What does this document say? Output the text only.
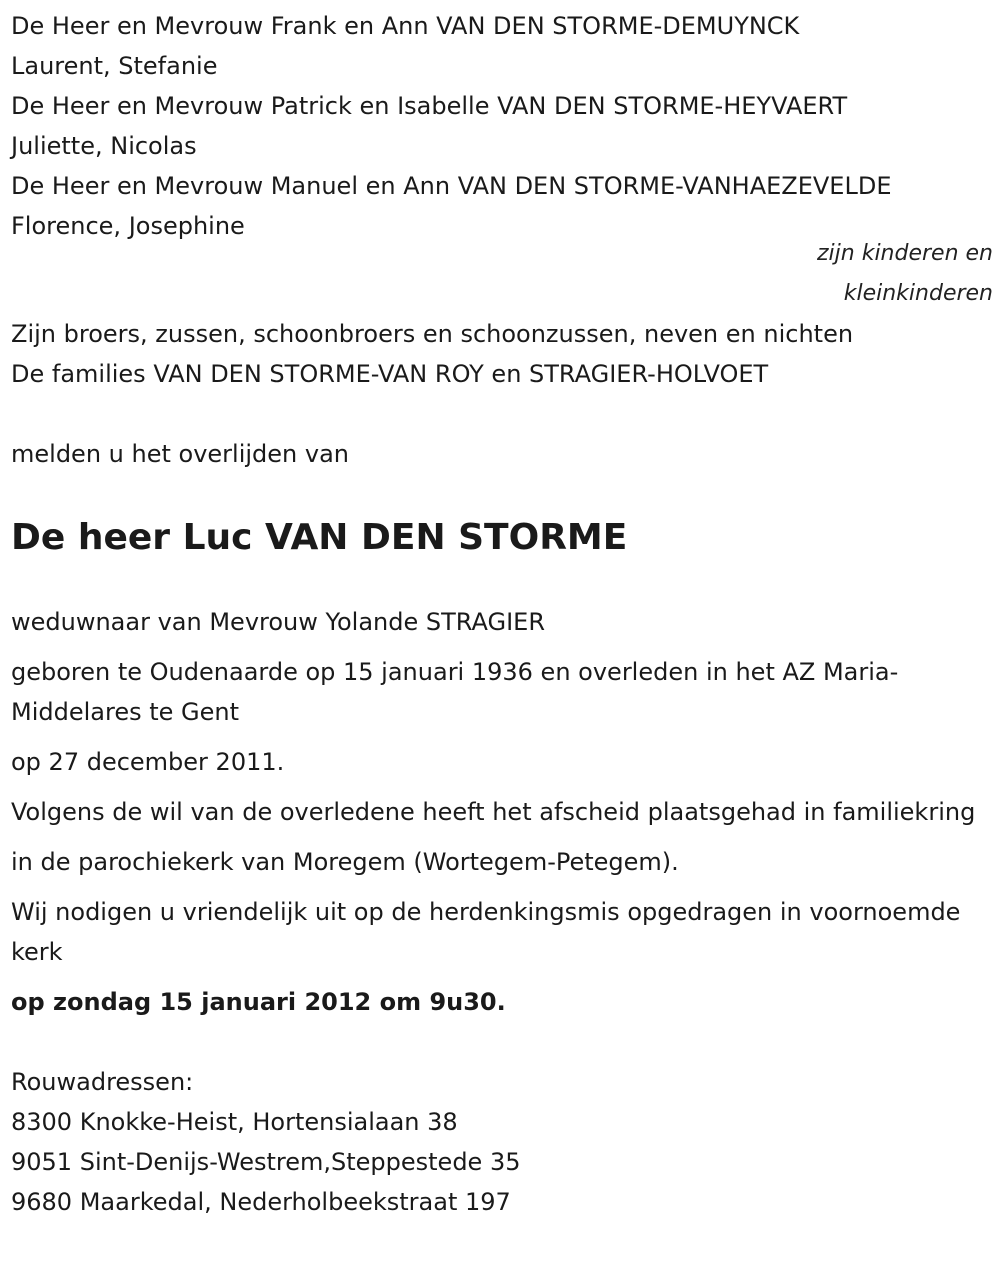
De Heer en Mevrouw Frank en Ann VAN DEN STORME-DEMUYNCK

Laurent, Stefanie

De Heer en Mevrouw Patrick en Isabelle VAN DEN STORME-HEYVAERT

Juliette, Nicolas

De Heer en Mevrouw Manuel en Ann VAN DEN STORME-VANHAEZEVELDE

Florence, Josephine

zijn kinderen en

kleinkinderen

Zijn broers, zussen, schoonbroers en schoonzussen, neven en nichten

De families VAN DEN STORME-VAN ROY en STRAGIER-HOLVOET

melden u het overlijden van

De heer Luc VAN DEN STORME

weduwnaar van Mevrouw Yolande STRAGIER

geboren te Oudenaarde op 15 januari 1936 en overleden in het AZ Maria-Middelares te Gent

op 27 december 2011.

Volgens de wil van de overledene heeft het afscheid plaatsgehad in familiekring

in de parochiekerk van Moregem (Wortegem-Petegem).

Wij nodigen u vriendelijk uit op de herdenkingsmis opgedragen in voornoemde kerk

op zondag 15 januari 2012 om 9u30.

Rouwadressen:

8300 Knokke-Heist, Hortensialaan 38

9051 Sint-Denijs-Westrem,Steppestede 35

9680 Maarkedal, Nederholbeekstraat 197
